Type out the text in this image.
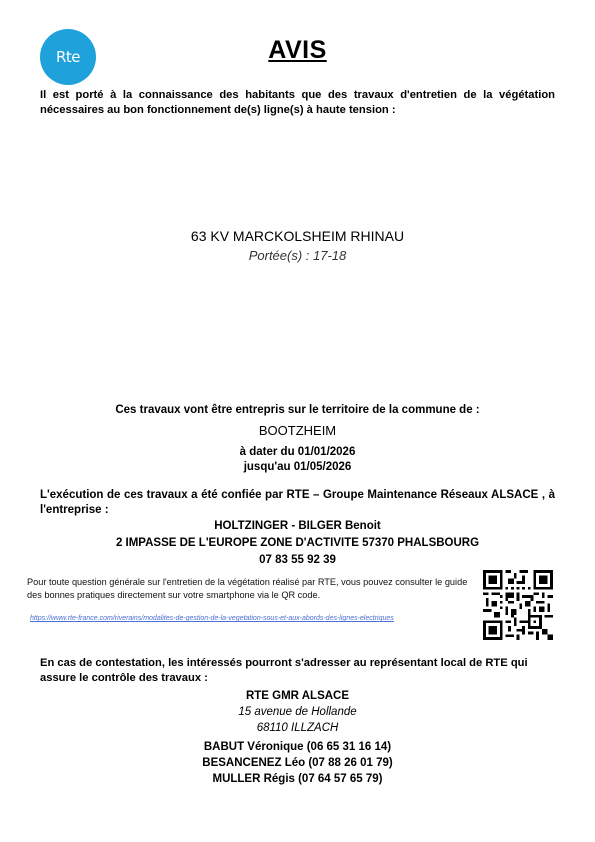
Rte	AVIS
Il est porté à la connaissance des habitants que des travaux d'entretien de la végétation nécessaires au bon fonctionnement de(s) ligne(s) à haute tension :
63 KV MARCKOLSHEIM RHINAU
Portée(s) : 17-18
Ces travaux vont être entrepris sur le territoire de la commune de :
BOOTZHEIM
à dater du 01/01/2026
jusqu'au 01/05/2026
L'exécution de ces travaux a été confiée par RTE – Groupe Maintenance Réseaux ALSACE , à l'entreprise :
HOLTZINGER - BILGER Benoit
2 IMPASSE DE L'EUROPE ZONE D'ACTIVITE 57370 PHALSBOURG
07 83 55 92 39
Pour toute question générale sur l'entretien de la végétation réalisé par RTE, vous pouvez consulter le guide des bonnes pratiques directement sur votre smartphone via le QR code.
https://www.rte-france.com/riverains/modalites-de-gestion-de-la-vegetation-sous-et-aux-abords-des-lignes-electriques
En cas de contestation, les intéressés pourront s'adresser au représentant local de RTE qui assure le contrôle des travaux :
RTE GMR ALSACE
15 avenue de Hollande
68110 ILLZACH
BABUT Véronique (06 65 31 16 14)
BESANCENEZ Léo (07 88 26 01 79)
MULLER Régis (07 64 57 65 79)
